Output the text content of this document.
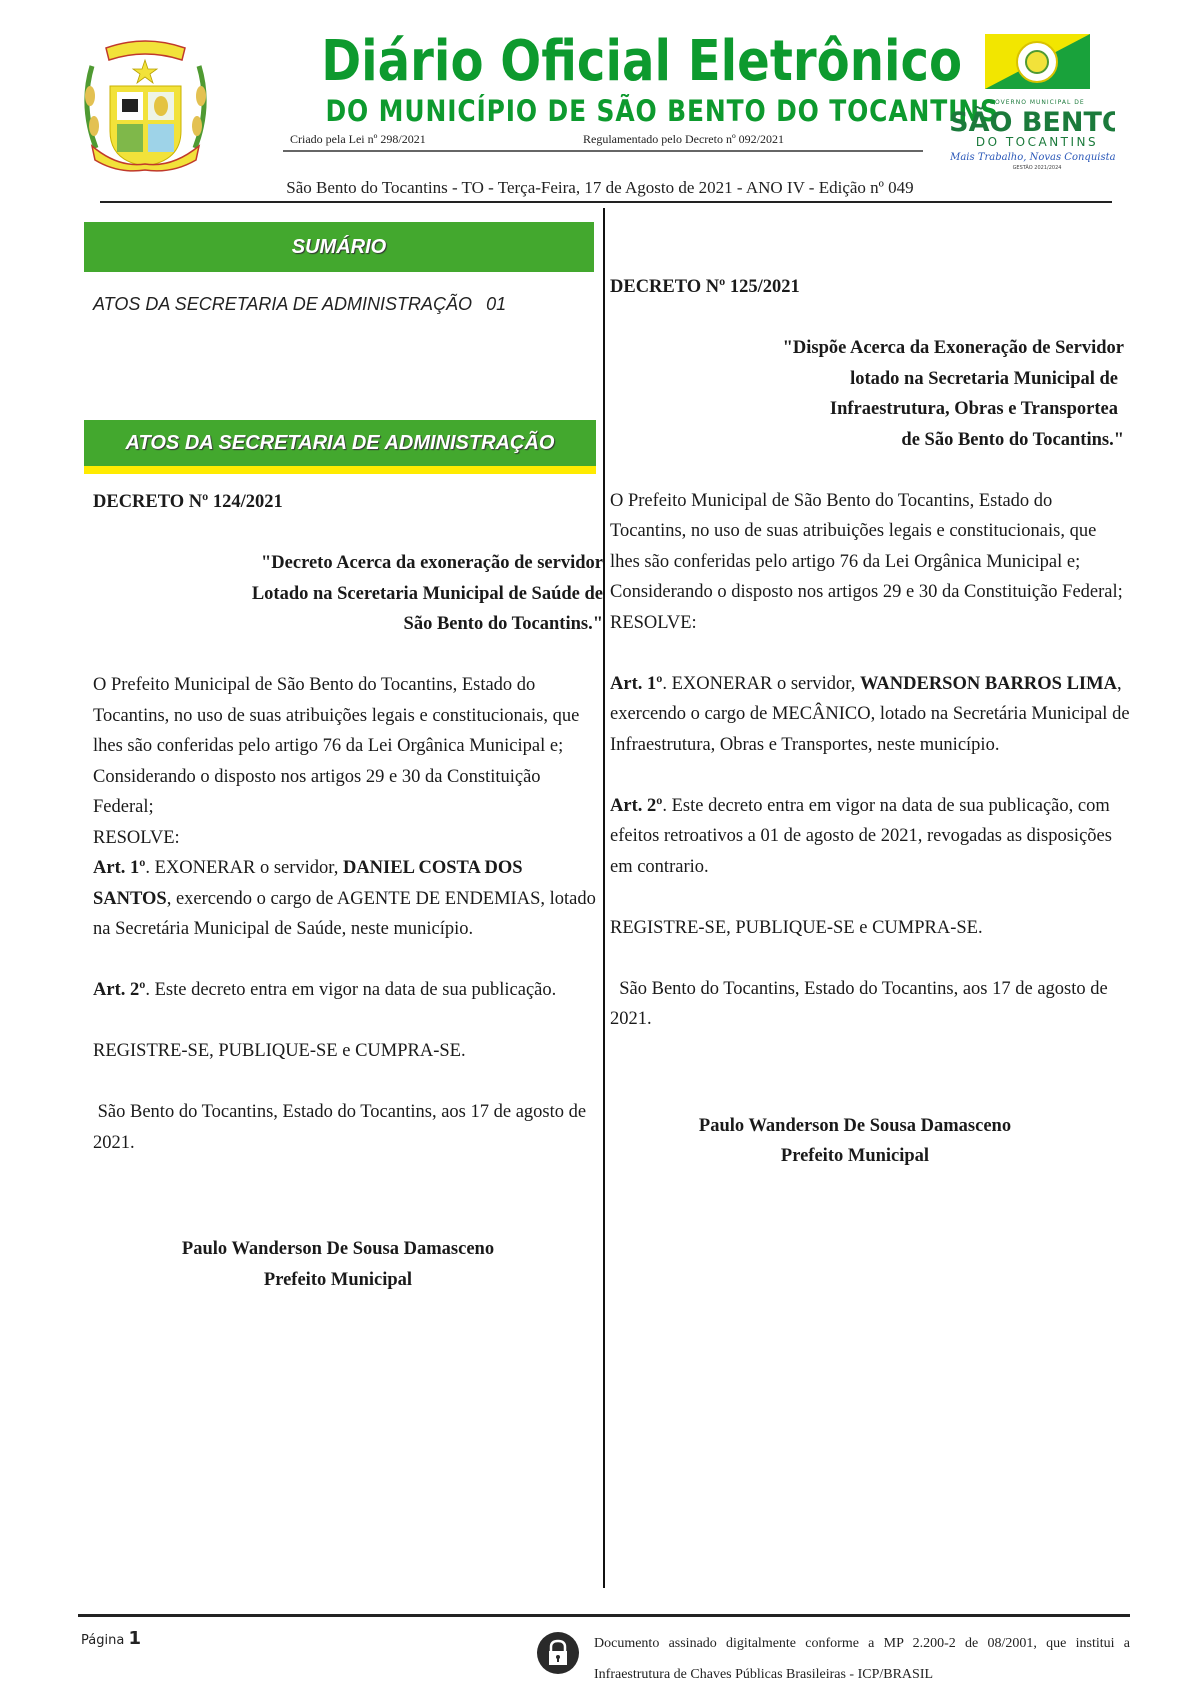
Diário Oficial Eletrônico
DO MUNICÍPIO DE SÃO BENTO DO TOCANTINS
Criado pela Lei nº 298/2021	Regulamentado pelo Decreto nº 092/2021
GOVERNO MUNICIPAL DE
SÃO BENTO
DO TOCANTINS
Mais Trabalho, Novas Conquistas.
GESTÃO 2021/2024
São Bento do Tocantins - TO - Terça-Feira, 17 de Agosto de 2021 - ANO IV - Edição nº 049
SUMÁRIO
ATOS DA SECRETARIA DE ADMINISTRAÇÃO 01
ATOS DA SECRETARIA DE ADMINISTRAÇÃO

DECRETO Nº 124/2021

"Decreto Acerca da exoneração de servidor

Lotado na Sceretaria Municipal de Saúde de

São Bento do Tocantins."

O Prefeito Municipal de São Bento do Tocantins, Estado do Tocantins, no uso de suas atribuições legais e constitucionais, que lhes são conferidas pelo artigo 76 da Lei Orgânica Municipal e;

Considerando o disposto nos artigos 29 e 30 da Constituição Federal;

RESOLVE:

Art. 1º. EXONERAR o servidor, DANIEL COSTA DOS SANTOS, exercendo o cargo de AGENTE DE ENDEMIAS, lotado na Secretária Municipal de Saúde, neste município.

Art. 2º. Este decreto entra em vigor na data de sua publicação.

REGISTRE-SE, PUBLIQUE-SE e CUMPRA-SE.

São Bento do Tocantins, Estado do Tocantins, aos 17 de agosto de 2021.

Paulo Wanderson De Sousa Damasceno

Prefeito Municipal

DECRETO Nº 125/2021

"Dispõe Acerca da Exoneração de Servidor

lotado na Secretaria Municipal de

Infraestrutura, Obras e Transportea

de São Bento do Tocantins."

O Prefeito Municipal de São Bento do Tocantins, Estado do Tocantins, no uso de suas atribuições legais e constitucionais, que lhes são conferidas pelo artigo 76 da Lei Orgânica Municipal e; Considerando o disposto nos artigos 29 e 30 da Constituição Federal;

RESOLVE:

Art. 1º. EXONERAR o servidor, WANDERSON BARROS LIMA, exercendo o cargo de MECÂNICO, lotado na Secretária Municipal de Infraestrutura, Obras e Transportes, neste município.

Art. 2º. Este decreto entra em vigor na data de sua publicação, com efeitos retroativos a 01 de agosto de 2021, revogadas as disposições em contrario.

REGISTRE-SE, PUBLIQUE-SE e CUMPRA-SE.

São Bento do Tocantins, Estado do Tocantins, aos 17 de agosto de 2021.

Paulo Wanderson De Sousa Damasceno

Prefeito Municipal

Página 1	Documento assinado digitalmente conforme a MP 2.200-2 de 08/2001, que institui a Infraestrutura de Chaves Públicas Brasileiras - ICP/BRASIL
